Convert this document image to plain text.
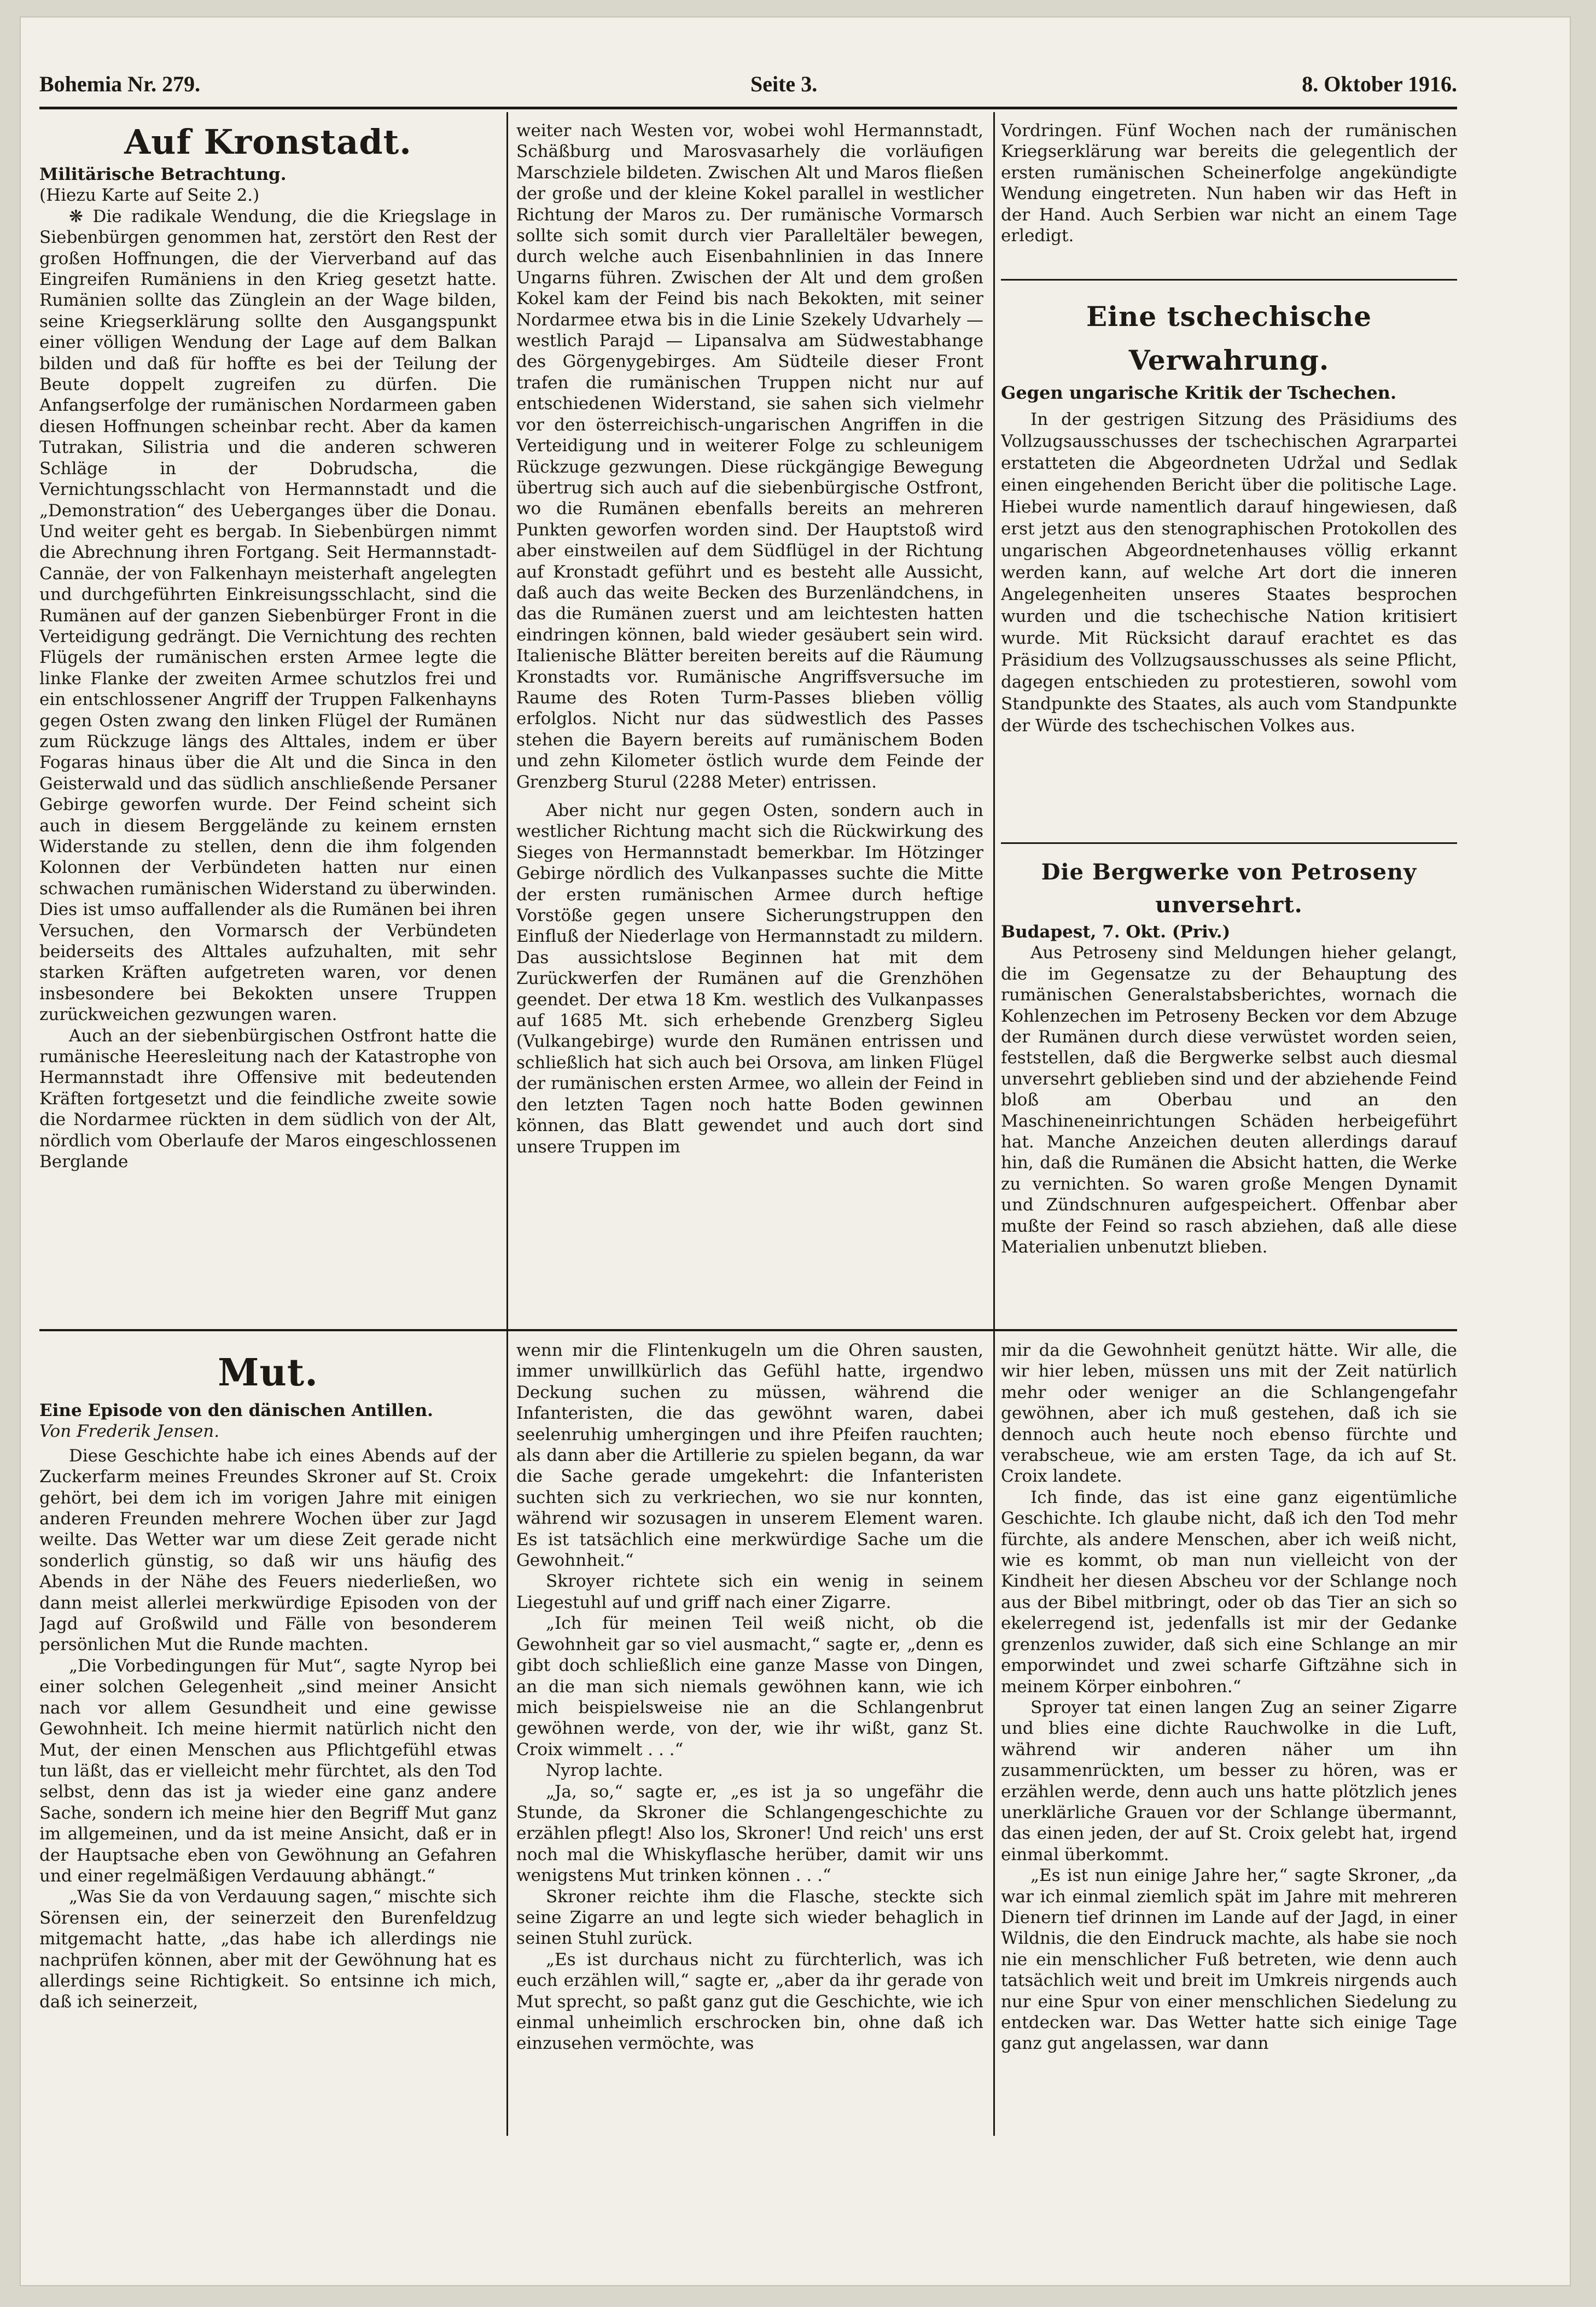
Bohemia Nr. 279.	Seite 3.	8. Oktober 1916.
Auf Kronstadt.

Militärische Betrachtung.

(Hiezu Karte auf Seite 2.)

❋ Die radikale Wendung, die die Kriegslage in Siebenbürgen genommen hat, zerstört den Rest der großen Hoffnungen, die der Vierverband auf das Eingreifen Rumäniens in den Krieg gesetzt hatte. Rumänien sollte das Zünglein an der Wage bilden, seine Kriegserklärung sollte den Ausgangspunkt einer völligen Wendung der Lage auf dem Balkan bilden und daß für hoffte es bei der Teilung der Beute doppelt zugreifen zu dürfen. Die Anfangserfolge der rumänischen Nordarmeen gaben diesen Hoffnungen scheinbar recht. Aber da kamen Tutrakan, Silistria und die anderen schweren Schläge in der Dobrudscha, die Vernichtungsschlacht von Hermannstadt und die „Demonstration“ des Ueberganges über die Donau. Und weiter geht es bergab. In Siebenbürgen nimmt die Abrechnung ihren Fortgang. Seit Hermannstadt-Cannäe, der von Falkenhayn meisterhaft angelegten und durchgeführten Einkreisungsschlacht, sind die Rumänen auf der ganzen Siebenbürger Front in die Verteidigung gedrängt. Die Vernichtung des rechten Flügels der rumänischen ersten Armee legte die linke Flanke der zweiten Armee schutzlos frei und ein entschlossener Angriff der Truppen Falkenhayns gegen Osten zwang den linken Flügel der Rumänen zum Rückzuge längs des Alttales, indem er über Fogaras hinaus über die Alt und die Sinca in den Geisterwald und das südlich anschließende Persaner Gebirge geworfen wurde. Der Feind scheint sich auch in diesem Berggelände zu keinem ernsten Widerstande zu stellen, denn die ihm folgenden Kolonnen der Verbündeten hatten nur einen schwachen rumänischen Widerstand zu überwinden. Dies ist umso auffallender als die Rumänen bei ihren Versuchen, den Vormarsch der Verbündeten beiderseits des Alttales aufzuhalten, mit sehr starken Kräften aufgetreten waren, vor denen insbesondere bei Bekokten unsere Truppen zurückweichen gezwungen waren.

Auch an der siebenbürgischen Ostfront hatte die rumänische Heeresleitung nach der Katastrophe von Hermannstadt ihre Offensive mit bedeutenden Kräften fortgesetzt und die feindliche zweite sowie die Nordarmee rückten in dem südlich von der Alt, nördlich vom Oberlaufe der Maros eingeschlossenen Berglande

weiter nach Westen vor, wobei wohl Hermannstadt, Schäßburg und Marosvasarhely die vorläufigen Marschziele bildeten. Zwischen Alt und Maros fließen der große und der kleine Kokel parallel in westlicher Richtung der Maros zu. Der rumänische Vormarsch sollte sich somit durch vier Paralleltäler bewegen, durch welche auch Eisenbahnlinien in das Innere Ungarns führen. Zwischen der Alt und dem großen Kokel kam der Feind bis nach Bekokten, mit seiner Nordarmee etwa bis in die Linie Szekely Udvarhely — westlich Parajd — Lipansalva am Südwestabhange des Görgenygebirges. Am Südteile dieser Front trafen die rumänischen Truppen nicht nur auf entschiedenen Widerstand, sie sahen sich vielmehr vor den österreichisch-ungarischen Angriffen in die Verteidigung und in weiterer Folge zu schleunigem Rückzuge gezwungen. Diese rückgängige Bewegung übertrug sich auch auf die siebenbürgische Ostfront, wo die Rumänen ebenfalls bereits an mehreren Punkten geworfen worden sind. Der Hauptstoß wird aber einstweilen auf dem Südflügel in der Richtung auf Kronstadt geführt und es besteht alle Aussicht, daß auch das weite Becken des Burzenländchens, in das die Rumänen zuerst und am leichtesten hatten eindringen können, bald wieder gesäubert sein wird. Italienische Blätter bereiten bereits auf die Räumung Kronstadts vor. Rumänische Angriffsversuche im Raume des Roten Turm-Passes blieben völlig erfolglos. Nicht nur das südwestlich des Passes stehen die Bayern bereits auf rumänischem Boden und zehn Kilometer östlich wurde dem Feinde der Grenzberg Sturul (2288 Meter) entrissen.

Aber nicht nur gegen Osten, sondern auch in westlicher Richtung macht sich die Rückwirkung des Sieges von Hermannstadt bemerkbar. Im Hötzinger Gebirge nördlich des Vulkanpasses suchte die Mitte der ersten rumänischen Armee durch heftige Vorstöße gegen unsere Sicherungstruppen den Einfluß der Niederlage von Hermannstadt zu mildern. Das aussichtslose Beginnen hat mit dem Zurückwerfen der Rumänen auf die Grenzhöhen geendet. Der etwa 18 Km. westlich des Vulkanpasses auf 1685 Mt. sich erhebende Grenzberg Sigleu (Vulkangebirge) wurde den Rumänen entrissen und schließlich hat sich auch bei Orsova, am linken Flügel der rumänischen ersten Armee, wo allein der Feind in den letzten Tagen noch hatte Boden gewinnen können, das Blatt gewendet und auch dort sind unsere Truppen im

Vordringen. Fünf Wochen nach der rumänischen Kriegserklärung war bereits die gelegentlich der ersten rumänischen Scheinerfolge angekündigte Wendung eingetreten. Nun haben wir das Heft in der Hand. Auch Serbien war nicht an einem Tage erledigt.

Eine tschechische Verwahrung.

Gegen ungarische Kritik der Tschechen.

In der gestrigen Sitzung des Präsidiums des Vollzugsausschusses der tschechischen Agrarpartei erstatteten die Abgeordneten Udržal und Sedlak einen eingehenden Bericht über die politische Lage. Hiebei wurde namentlich darauf hingewiesen, daß erst jetzt aus den stenographischen Protokollen des ungarischen Abgeordnetenhauses völlig erkannt werden kann, auf welche Art dort die inneren Angelegenheiten unseres Staates besprochen wurden und die tschechische Nation kritisiert wurde. Mit Rücksicht darauf erachtet es das Präsidium des Vollzugsausschusses als seine Pflicht, dagegen entschieden zu protestieren, sowohl vom Standpunkte des Staates, als auch vom Standpunkte der Würde des tschechischen Volkes aus.

Die Bergwerke von Petroseny unversehrt.

Budapest, 7. Okt. (Priv.)

Aus Petroseny sind Meldungen hieher gelangt, die im Gegensatze zu der Behauptung des rumänischen Generalstabsberichtes, wornach die Kohlenzechen im Petroseny Becken vor dem Abzuge der Rumänen durch diese verwüstet worden seien, feststellen, daß die Bergwerke selbst auch diesmal unversehrt geblieben sind und der abziehende Feind bloß am Oberbau und an den Maschineneinrichtungen Schäden herbeigeführt hat. Manche Anzeichen deuten allerdings darauf hin, daß die Rumänen die Absicht hatten, die Werke zu vernichten. So waren große Mengen Dynamit und Zündschnuren aufgespeichert. Offenbar aber mußte der Feind so rasch abziehen, daß alle diese Materialien unbenutzt blieben.

Mut.

Eine Episode von den dänischen Antillen.

Von Frederik Jensen.

Diese Geschichte habe ich eines Abends auf der Zuckerfarm meines Freundes Skroner auf St. Croix gehört, bei dem ich im vorigen Jahre mit einigen anderen Freunden mehrere Wochen über zur Jagd weilte. Das Wetter war um diese Zeit gerade nicht sonderlich günstig, so daß wir uns häufig des Abends in der Nähe des Feuers niederließen, wo dann meist allerlei merkwürdige Episoden von der Jagd auf Großwild und Fälle von besonderem persönlichen Mut die Runde machten.

„Die Vorbedingungen für Mut“, sagte Nyrop bei einer solchen Gelegenheit „sind meiner Ansicht nach vor allem Gesundheit und eine gewisse Gewohnheit. Ich meine hiermit natürlich nicht den Mut, der einen Menschen aus Pflichtgefühl etwas tun läßt, das er vielleicht mehr fürchtet, als den Tod selbst, denn das ist ja wieder eine ganz andere Sache, sondern ich meine hier den Begriff Mut ganz im allgemeinen, und da ist meine Ansicht, daß er in der Hauptsache eben von Gewöhnung an Gefahren und einer regelmäßigen Verdauung abhängt.“

„Was Sie da von Verdauung sagen,“ mischte sich Sörensen ein, der seinerzeit den Burenfeldzug mitgemacht hatte, „das habe ich allerdings nie nachprüfen können, aber mit der Gewöhnung hat es allerdings seine Richtigkeit. So entsinne ich mich, daß ich seinerzeit,

wenn mir die Flintenkugeln um die Ohren sausten, immer unwillkürlich das Gefühl hatte, irgendwo Deckung suchen zu müssen, während die Infanteristen, die das gewöhnt waren, dabei seelenruhig umhergingen und ihre Pfeifen rauchten; als dann aber die Artillerie zu spielen begann, da war die Sache gerade umgekehrt: die Infanteristen suchten sich zu verkriechen, wo sie nur konnten, während wir sozusagen in unserem Element waren. Es ist tatsächlich eine merkwürdige Sache um die Gewohnheit.“

Skroyer richtete sich ein wenig in seinem Liegestuhl auf und griff nach einer Zigarre.

„Ich für meinen Teil weiß nicht, ob die Gewohnheit gar so viel ausmacht,“ sagte er, „denn es gibt doch schließlich eine ganze Masse von Dingen, an die man sich niemals gewöhnen kann, wie ich mich beispielsweise nie an die Schlangenbrut gewöhnen werde, von der, wie ihr wißt, ganz St. Croix wimmelt . . .“

Nyrop lachte.

„Ja, so,“ sagte er, „es ist ja so ungefähr die Stunde, da Skroner die Schlangengeschichte zu erzählen pflegt! Also los, Skroner! Und reich' uns erst noch mal die Whiskyflasche herüber, damit wir uns wenigstens Mut trinken können . . .“

Skroner reichte ihm die Flasche, steckte sich seine Zigarre an und legte sich wieder behaglich in seinen Stuhl zurück.

„Es ist durchaus nicht zu fürchterlich, was ich euch erzählen will,“ sagte er, „aber da ihr gerade von Mut sprecht, so paßt ganz gut die Geschichte, wie ich einmal unheimlich erschrocken bin, ohne daß ich einzusehen vermöchte, was

mir da die Gewohnheit genützt hätte. Wir alle, die wir hier leben, müssen uns mit der Zeit natürlich mehr oder weniger an die Schlangengefahr gewöhnen, aber ich muß gestehen, daß ich sie dennoch auch heute noch ebenso fürchte und verabscheue, wie am ersten Tage, da ich auf St. Croix landete.

Ich finde, das ist eine ganz eigentümliche Geschichte. Ich glaube nicht, daß ich den Tod mehr fürchte, als andere Menschen, aber ich weiß nicht, wie es kommt, ob man nun vielleicht von der Kindheit her diesen Abscheu vor der Schlange noch aus der Bibel mitbringt, oder ob das Tier an sich so ekelerregend ist, jedenfalls ist mir der Gedanke grenzenlos zuwider, daß sich eine Schlange an mir emporwindet und zwei scharfe Giftzähne sich in meinem Körper einbohren.“

Sproyer tat einen langen Zug an seiner Zigarre und blies eine dichte Rauchwolke in die Luft, während wir anderen näher um ihn zusammenrückten, um besser zu hören, was er erzählen werde, denn auch uns hatte plötzlich jenes unerklärliche Grauen vor der Schlange übermannt, das einen jeden, der auf St. Croix gelebt hat, irgend einmal überkommt.

„Es ist nun einige Jahre her,“ sagte Skroner, „da war ich einmal ziemlich spät im Jahre mit mehreren Dienern tief drinnen im Lande auf der Jagd, in einer Wildnis, die den Eindruck machte, als habe sie noch nie ein menschlicher Fuß betreten, wie denn auch tatsächlich weit und breit im Umkreis nirgends auch nur eine Spur von einer menschlichen Siedelung zu entdecken war. Das Wetter hatte sich einige Tage ganz gut angelassen, war dann
